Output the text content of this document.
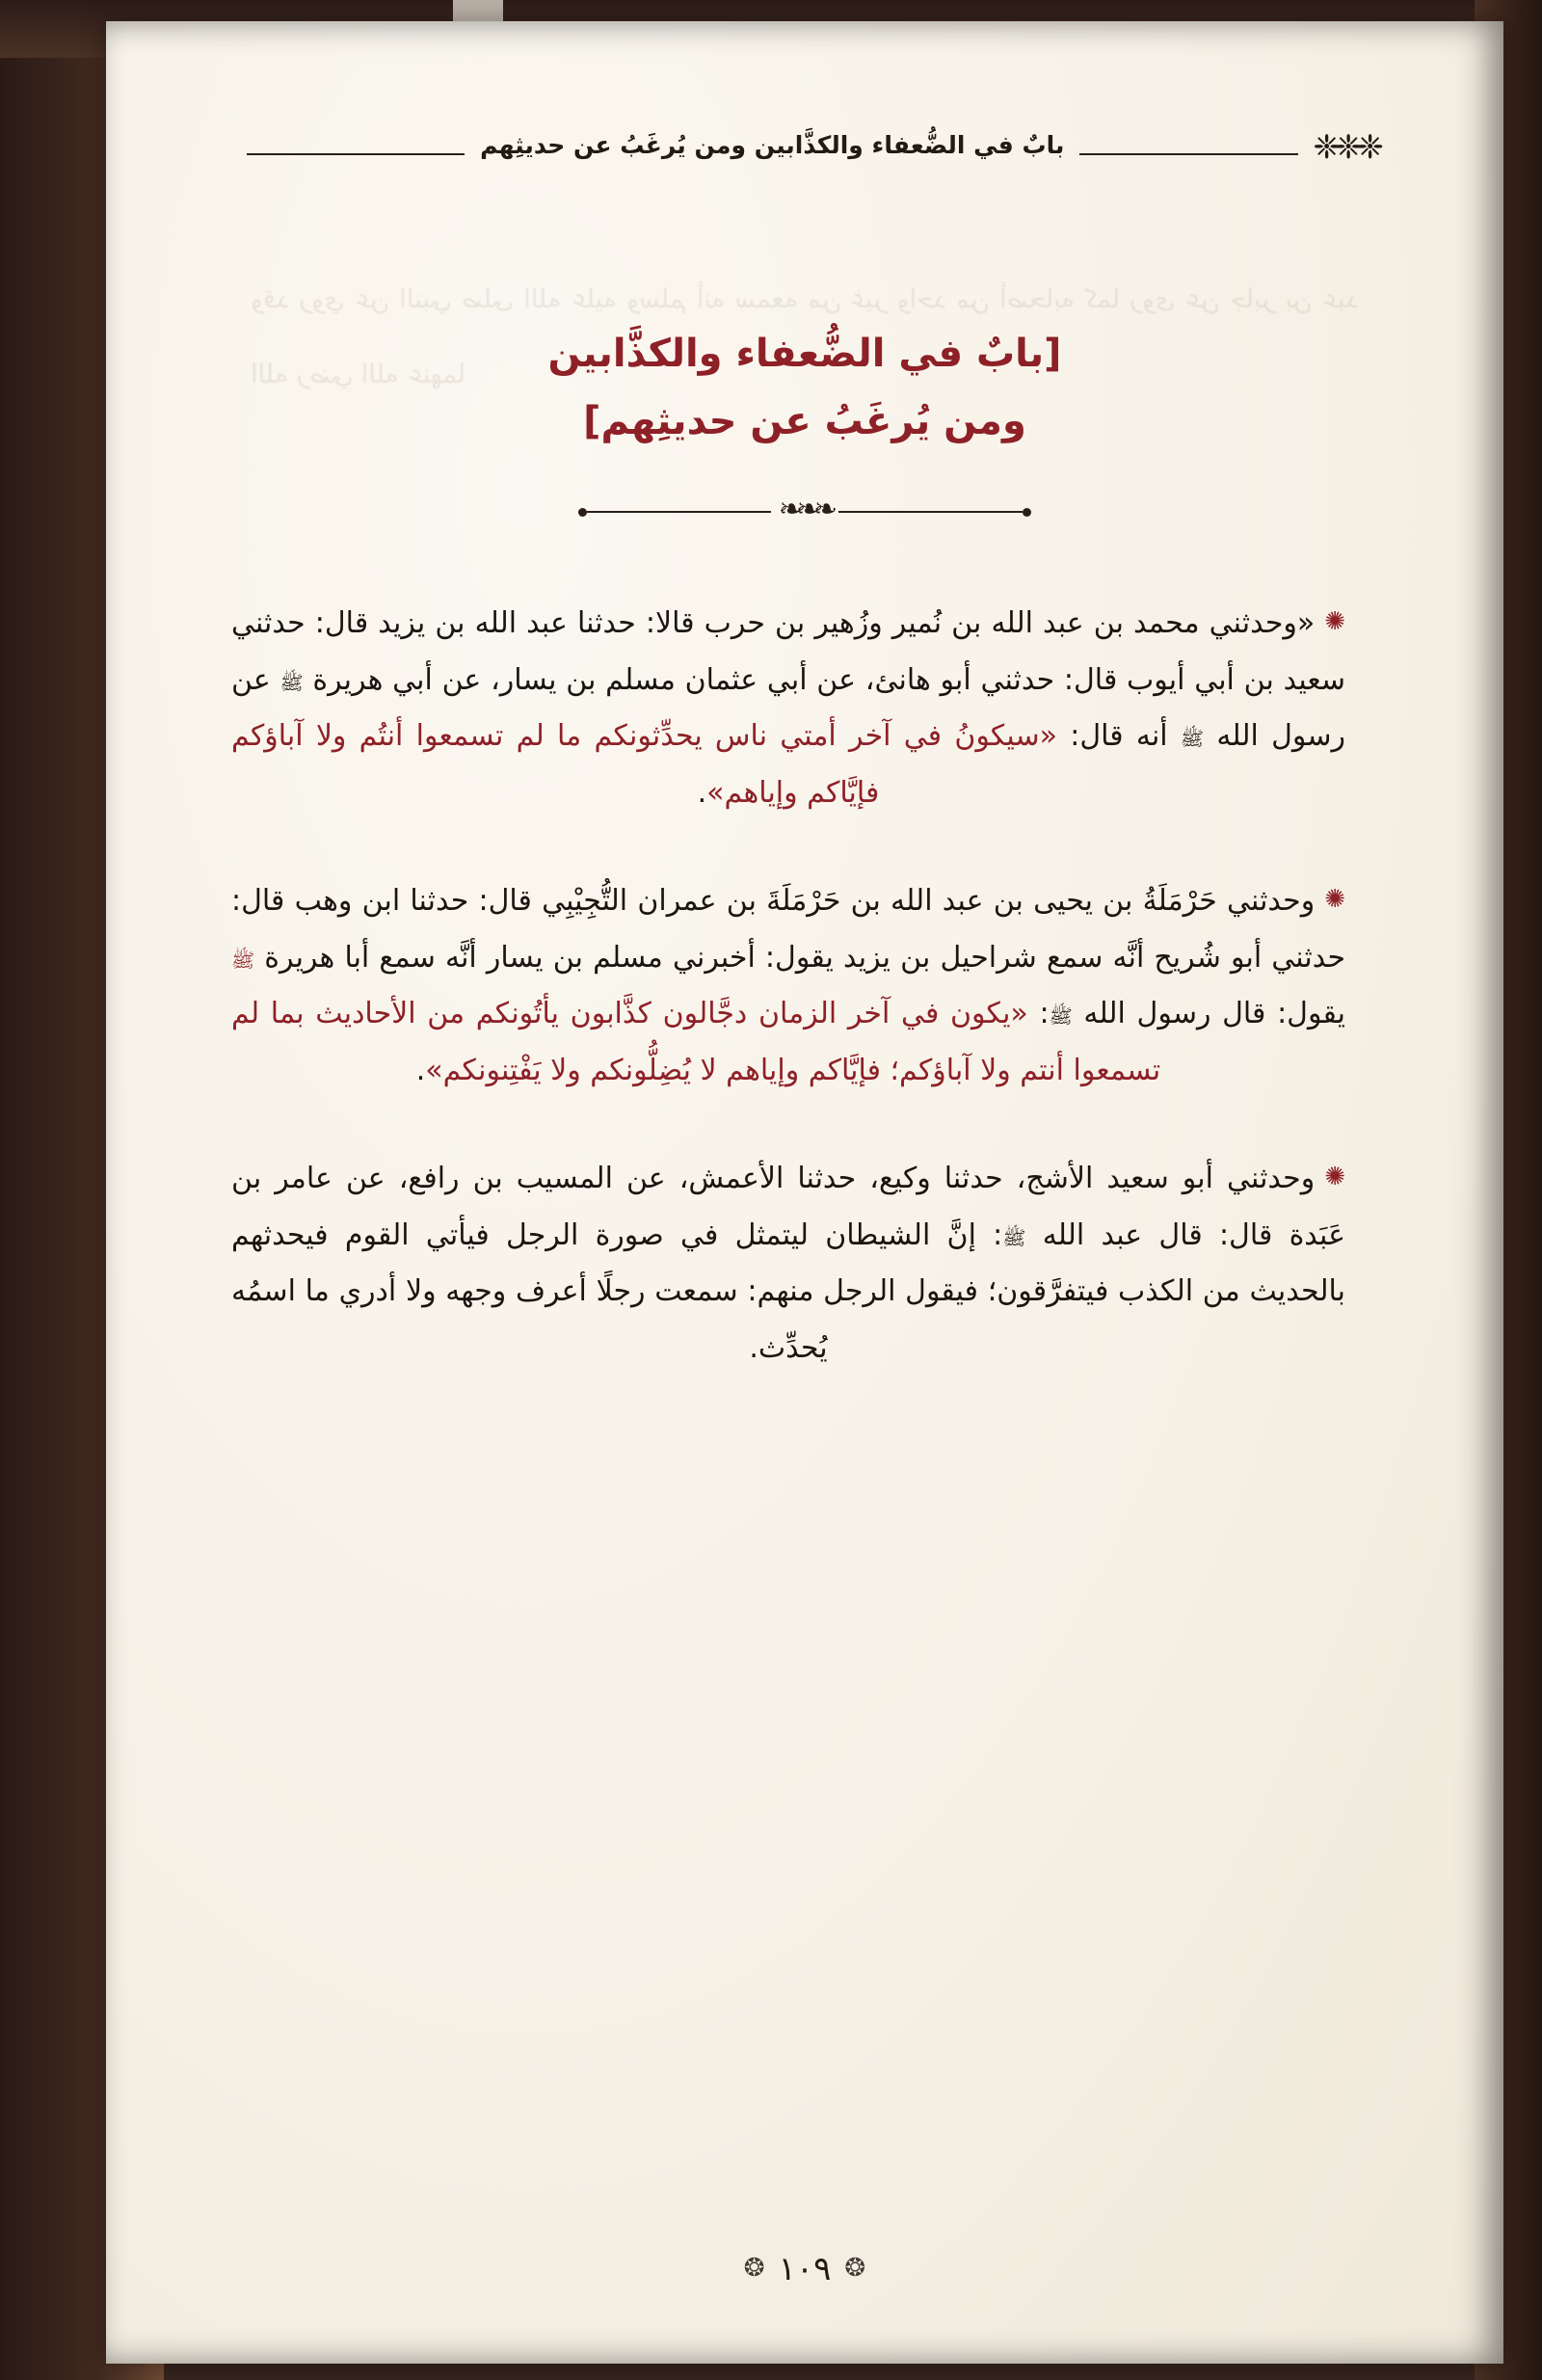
وقد روي عن النبي صلى الله عليه وسلم أنه سمعه من غير واحد من أصحابه كما روى عن جابر بن عبد الله رضي الله عنهما
❈❈❈
بابٌ في الضُّعفاء والكذَّابين ومن يُرغَبُ عن حديثِهم
[بابٌ في الضُّعفاء والكذَّابين
ومن يُرغَبُ عن حديثِهم]
❧❧❧

✺«وحدثني محمد بن عبد الله بن نُمير وزُهير بن حرب قالا: حدثنا عبد الله بن يزيد قال: حدثني سعيد بن أبي أيوب قال: حدثني أبو هانئ، عن أبي عثمان مسلم بن يسار، عن أبي هريرة ﷺ عن رسول الله ﷺ أنه قال: «سيكونُ في آخر أمتي ناس يحدِّثونكم ما لم تسمعوا أنتُم ولا آباؤكم فإيَّاكم وإياهم».

✺وحدثني حَرْمَلَةُ بن يحيى بن عبد الله بن حَرْمَلَةَ بن عمران التُّجِيْبِي قال: حدثنا ابن وهب قال: حدثني أبو شُريح أنَّه سمع شراحيل بن يزيد يقول: أخبرني مسلم بن يسار أنَّه سمع أبا هريرة ﷺ يقول: قال رسول الله ﷺ: «يكون في آخر الزمان دجَّالون كذَّابون يأتُونكم من الأحاديث بما لم تسمعوا أنتم ولا آباؤكم؛ فإيَّاكم وإياهم لا يُضِلُّونكم ولا يَفْتِنونكم».

✺وحدثني أبو سعيد الأشج، حدثنا وكيع، حدثنا الأعمش، عن المسيب بن رافع، عن عامر بن عَبَدة قال: قال عبد الله ﷺ: إنَّ الشيطان ليتمثل في صورة الرجل فيأتي القوم فيحدثهم بالحديث من الكذب فيتفرَّقون؛ فيقول الرجل منهم: سمعت رجلًا أعرف وجهه ولا أدري ما اسمُه يُحدِّث.

❂١٠٩❂
